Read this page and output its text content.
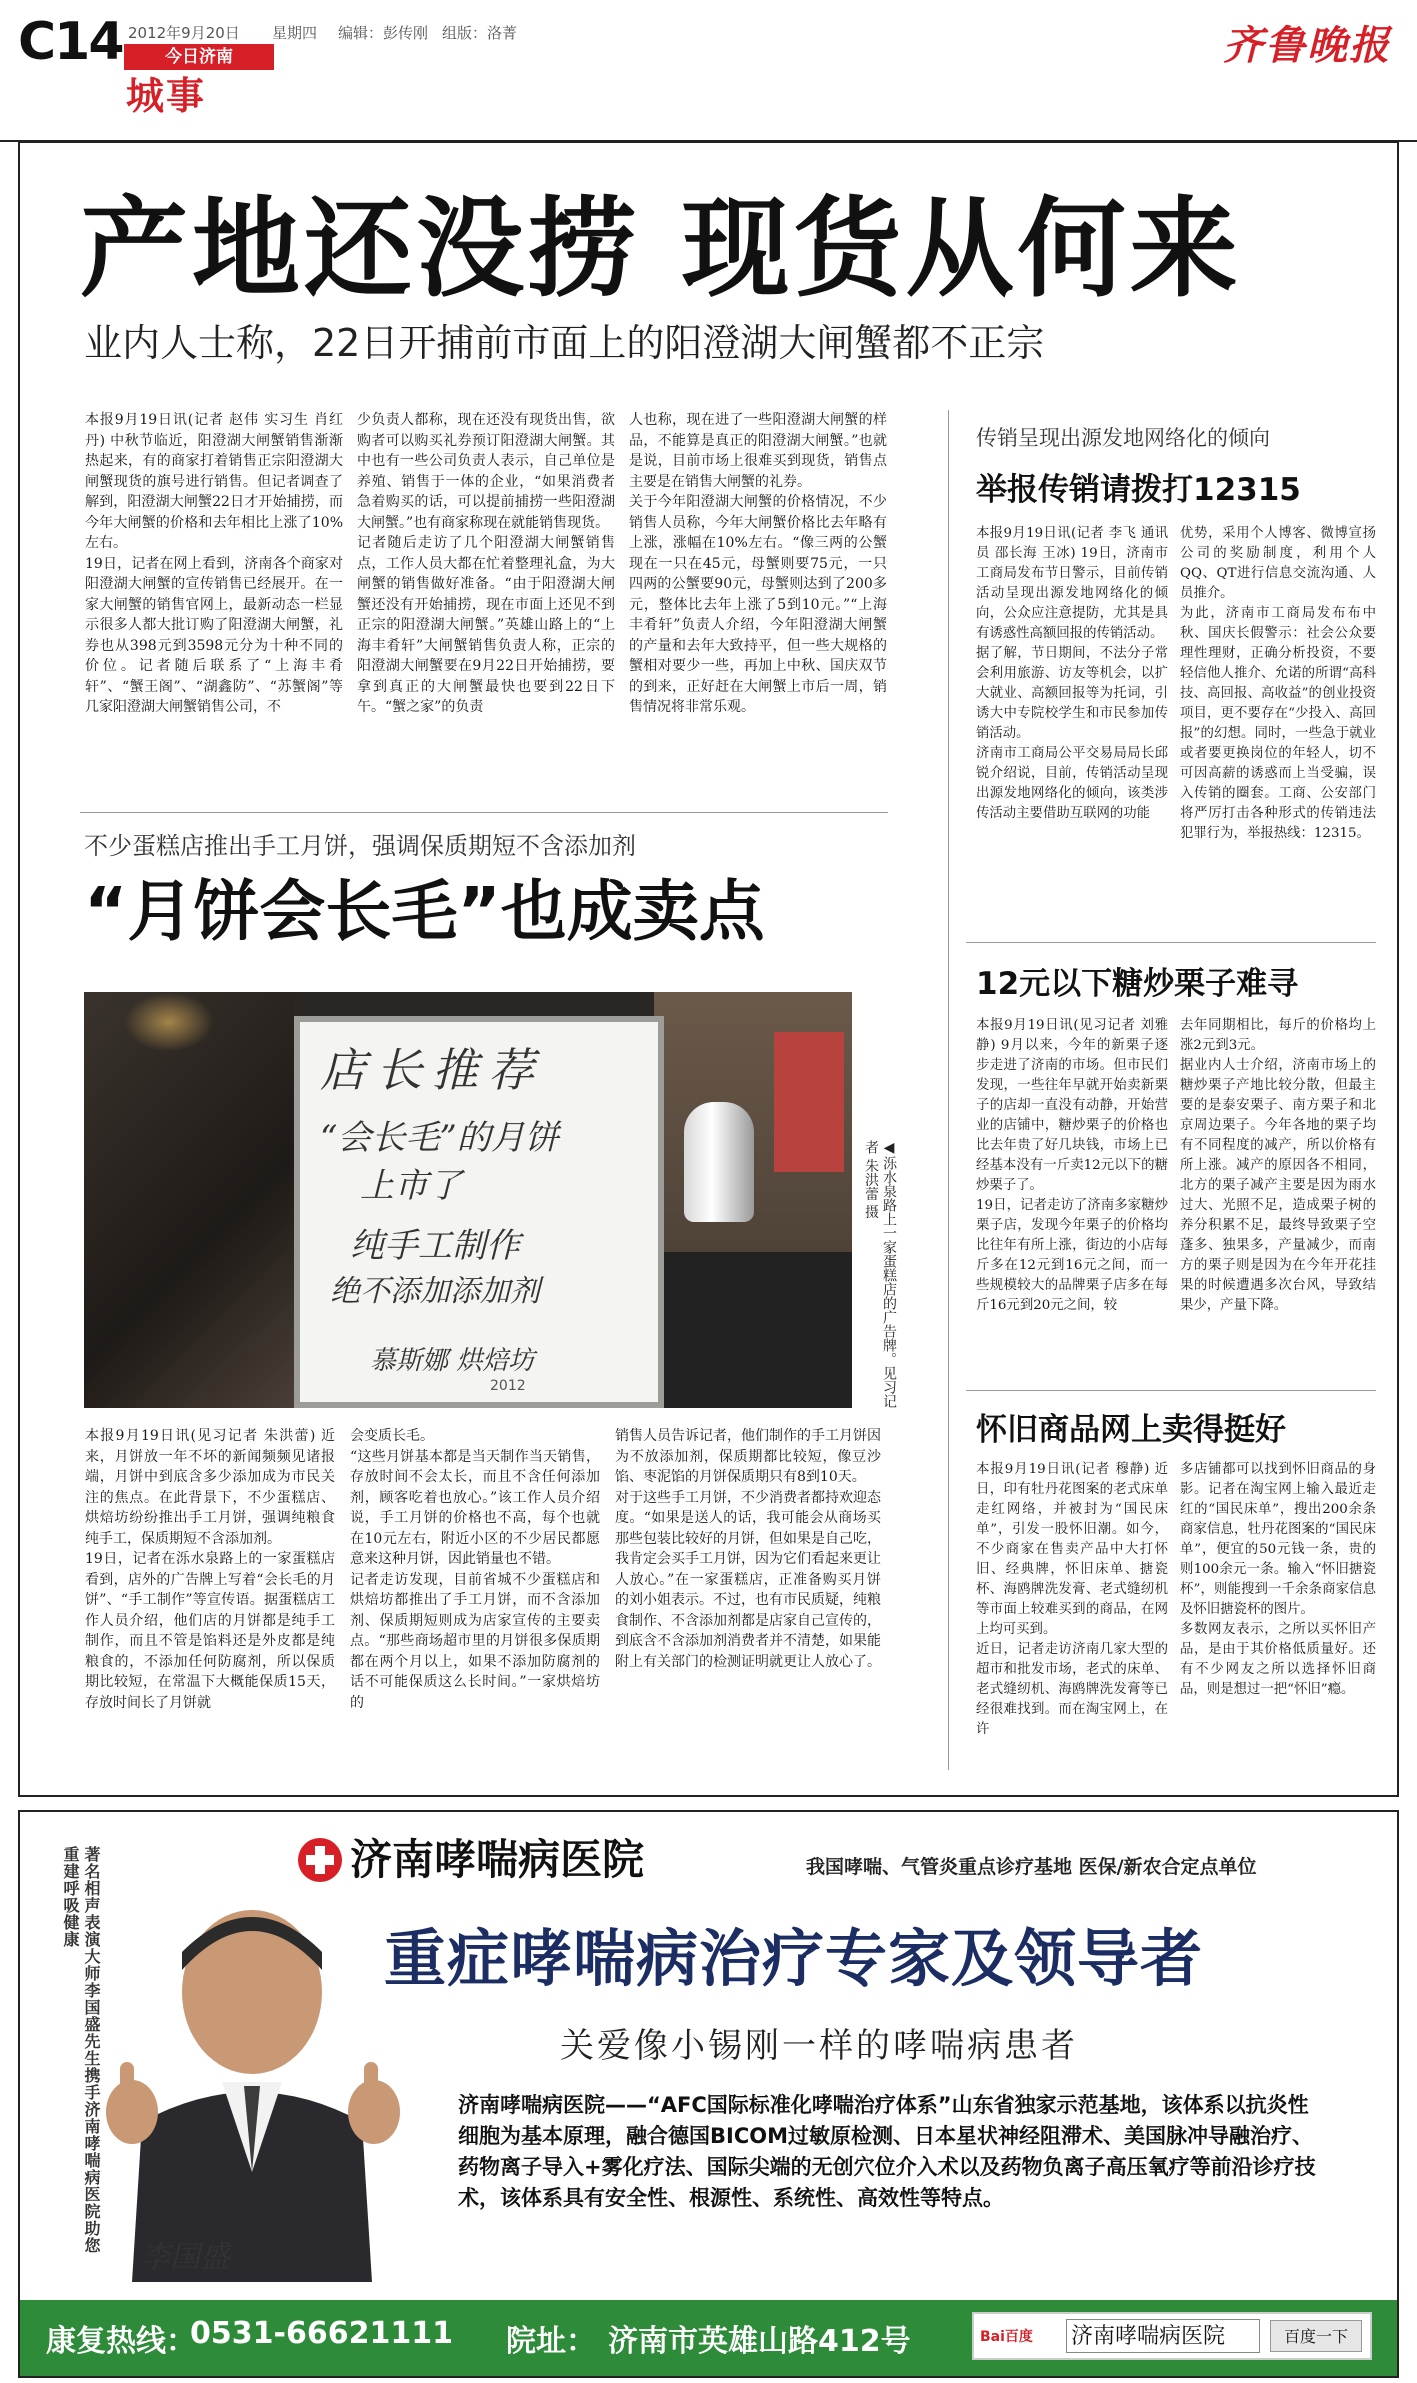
C14 2012年9月20日 星期四 编辑：彭传刚 组版：洛菁
今日济南
城事
齐鲁晚报
产地还没捞 现货从何来
业内人士称，22日开捕前市面上的阳澄湖大闸蟹都不正宗

本报9月19日讯(记者 赵伟 实习生 肖红丹) 中秋节临近，阳澄湖大闸蟹销售渐渐热起来，有的商家打着销售正宗阳澄湖大闸蟹现货的旗号进行销售。但记者调查了解到，阳澄湖大闸蟹22日才开始捕捞，而今年大闸蟹的价格和去年相比上涨了10%左右。
19日，记者在网上看到，济南各个商家对阳澄湖大闸蟹的宣传销售已经展开。在一家大闸蟹的销售官网上，最新动态一栏显示很多人都大批订购了阳澄湖大闸蟹，礼券也从398元到3598元分为十种不同的价位。记者随后联系了“上海丰肴轩”、“蟹王阁”、“湖鑫防”、“苏蟹阁”等几家阳澄湖大闸蟹销售公司，不

少负责人都称，现在还没有现货出售，欲购者可以购买礼券预订阳澄湖大闸蟹。其中也有一些公司负责人表示，自己单位是养殖、销售于一体的企业，“如果消费者急着购买的话，可以提前捕捞一些阳澄湖大闸蟹。”也有商家称现在就能销售现货。
记者随后走访了几个阳澄湖大闸蟹销售点，工作人员大都在忙着整理礼盒，为大闸蟹的销售做好准备。“由于阳澄湖大闸蟹还没有开始捕捞，现在市面上还见不到正宗的阳澄湖大闸蟹。”英雄山路上的“上海丰肴轩”大闸蟹销售负责人称，正宗的阳澄湖大闸蟹要在9月22日开始捕捞，要拿到真正的大闸蟹最快也要到22日下午。“蟹之家”的负责

人也称，现在进了一些阳澄湖大闸蟹的样品，不能算是真正的阳澄湖大闸蟹。”也就是说，目前市场上很难买到现货，销售点主要是在销售大闸蟹的礼券。
关于今年阳澄湖大闸蟹的价格情况，不少销售人员称，今年大闸蟹价格比去年略有上涨，涨幅在10%左右。“像三两的公蟹现在一只在45元，母蟹则要75元，一只四两的公蟹要90元，母蟹则达到了200多元，整体比去年上涨了5到10元。”“上海丰肴轩”负责人介绍，今年阳澄湖大闸蟹的产量和去年大致持平，但一些大规格的蟹相对要少一些，再加上中秋、国庆双节的到来，正好赶在大闸蟹上市后一周，销售情况将非常乐观。

不少蛋糕店推出手工月饼，强调保质期短不含添加剂
“月饼会长毛”也成卖点
店长推荐
“会长毛”的月饼
上市了
纯手工制作
绝不添加添加剂
慕斯娜 烘焙坊
2012	◀泺水泉路上一家蛋糕店的广告牌。见习记者 朱洪蕾 摄

本报9月19日讯(见习记者 朱洪蕾) 近来，月饼放一年不坏的新闻频频见诸报端，月饼中到底含多少添加成为市民关注的焦点。在此背景下，不少蛋糕店、烘焙坊纷纷推出手工月饼，强调纯粮食纯手工，保质期短不含添加剂。
19日，记者在泺水泉路上的一家蛋糕店看到，店外的广告牌上写着“会长毛的月饼”、“手工制作”等宣传语。据蛋糕店工作人员介绍，他们店的月饼都是纯手工制作，而且不管是馅料还是外皮都是纯粮食的，不添加任何防腐剂，所以保质期比较短，在常温下大概能保质15天，存放时间长了月饼就

会变质长毛。
“这些月饼基本都是当天制作当天销售，存放时间不会太长，而且不含任何添加剂，顾客吃着也放心。”该工作人员介绍说，手工月饼的价格也不高，每个也就在10元左右，附近小区的不少居民都愿意来这种月饼，因此销量也不错。
记者走访发现，目前省城不少蛋糕店和烘焙坊都推出了手工月饼，而不含添加剂、保质期短则成为店家宣传的主要卖点。“那些商场超市里的月饼很多保质期都在两个月以上，如果不添加防腐剂的话不可能保质这么长时间。”一家烘焙坊的

销售人员告诉记者，他们制作的手工月饼因为不放添加剂，保质期都比较短，像豆沙馅、枣泥馅的月饼保质期只有8到10天。
对于这些手工月饼，不少消费者都持欢迎态度。“如果是送人的话，我可能会从商场买那些包装比较好的月饼，但如果是自己吃，我肯定会买手工月饼，因为它们看起来更让人放心。”在一家蛋糕店，正准备购买月饼的刘小姐表示。不过，也有市民质疑，纯粮食制作、不含添加剂都是店家自己宣传的，到底含不含添加剂消费者并不清楚，如果能附上有关部门的检测证明就更让人放心了。

传销呈现出源发地网络化的倾向
举报传销请拨打12315

本报9月19日讯(记者 李飞 通讯员 邵长海 王冰) 19日，济南市工商局发布节日警示，目前传销活动呈现出源发地网络化的倾向，公众应注意提防，尤其是具有诱惑性高额回报的传销活动。
据了解，节日期间，不法分子常会利用旅游、访友等机会，以扩大就业、高额回报等为托词，引诱大中专院校学生和市民参加传销活动。
济南市工商局公平交易局局长邱锐介绍说，目前，传销活动呈现出源发地网络化的倾向，该类涉传活动主要借助互联网的功能

优势，采用个人博客、微博宣扬公司的奖励制度，利用个人QQ、QT进行信息交流沟通、人员推介。
为此，济南市工商局发布布中秋、国庆长假警示：社会公众要理性理财，正确分析投资，不要轻信他人推介、允诺的所谓“高科技、高回报、高收益”的创业投资项目，更不要存在“少投入、高回报”的幻想。同时，一些急于就业或者要更换岗位的年轻人，切不可因高薪的诱惑而上当受骗，误入传销的圈套。工商、公安部门将严厉打击各种形式的传销违法犯罪行为，举报热线：12315。

12元以下糖炒栗子难寻

本报9月19日讯(见习记者 刘雅静) 9月以来，今年的新栗子逐步走进了济南的市场。但市民们发现，一些往年早就开始卖新栗子的店却一直没有动静，开始营业的店铺中，糖炒栗子的价格也比去年贵了好几块钱，市场上已经基本没有一斤卖12元以下的糖炒栗子了。
19日，记者走访了济南多家糖炒栗子店，发现今年栗子的价格均比往年有所上涨，街边的小店每斤多在12元到16元之间，而一些规模较大的品牌栗子店多在每斤16元到20元之间，较

去年同期相比，每斤的价格均上涨2元到3元。
据业内人士介绍，济南市场上的糖炒栗子产地比较分散，但最主要的是泰安栗子、南方栗子和北京周边栗子。今年各地的栗子均有不同程度的减产，所以价格有所上涨。减产的原因各不相同，北方的栗子减产主要是因为雨水过大、光照不足，造成栗子树的养分积累不足，最终导致栗子空蓬多、独果多，产量减少，而南方的栗子则是因为在今年开花挂果的时候遭遇多次台风，导致结果少，产量下降。

怀旧商品网上卖得挺好

本报9月19日讯(记者 穆静) 近日，印有牡丹花图案的老式床单走红网络，并被封为“国民床单”，引发一股怀旧潮。如今，不少商家在售卖产品中大打怀旧、经典牌，怀旧床单、搪瓷杯、海鸥牌洗发膏、老式缝纫机等市面上较难买到的商品，在网上均可买到。
近日，记者走访济南几家大型的超市和批发市场，老式的床单、老式缝纫机、海鸥牌洗发膏等已经很难找到。而在淘宝网上，在许

多店铺都可以找到怀旧商品的身影。记者在淘宝网上输入最近走红的“国民床单”，搜出200余条商家信息，牡丹花图案的“国民床单”，便宜的50元钱一条，贵的则100余元一条。输入“怀旧搪瓷杯”，则能搜到一千余条商家信息及怀旧搪瓷杯的图片。
多数网友表示，之所以买怀旧产品，是由于其价格低质量好。还有不少网友之所以选择怀旧商品，则是想过一把“怀旧”瘾。

济南哮喘病医院	我国哮喘、气管炎重点诊疗基地 医保/新农合定点单位
重症哮喘病治疗专家及领导者
关爱像小锡刚一样的哮喘病患者
著名相声表演大师李国盛先生携手济南哮喘病医院助您重建呼吸健康
李国盛
济南哮喘病医院——“AFC国际标准化哮喘治疗体系”山东省独家示范基地，该体系以抗炎性细胞为基本原理，融合德国BICOM过敏原检测、日本星状神经阻滞术、美国脉冲导融治疗、药物离子导入+雾化疗法、国际尖端的无创穴位介入术以及药物负离子高压氧疗等前沿诊疗技术，该体系具有安全性、根源性、系统性、高效性等特点。
康复热线：
0531-66621111 院址： 济南市英雄山路412号	Bai百度 济南哮喘病医院	百度一下
